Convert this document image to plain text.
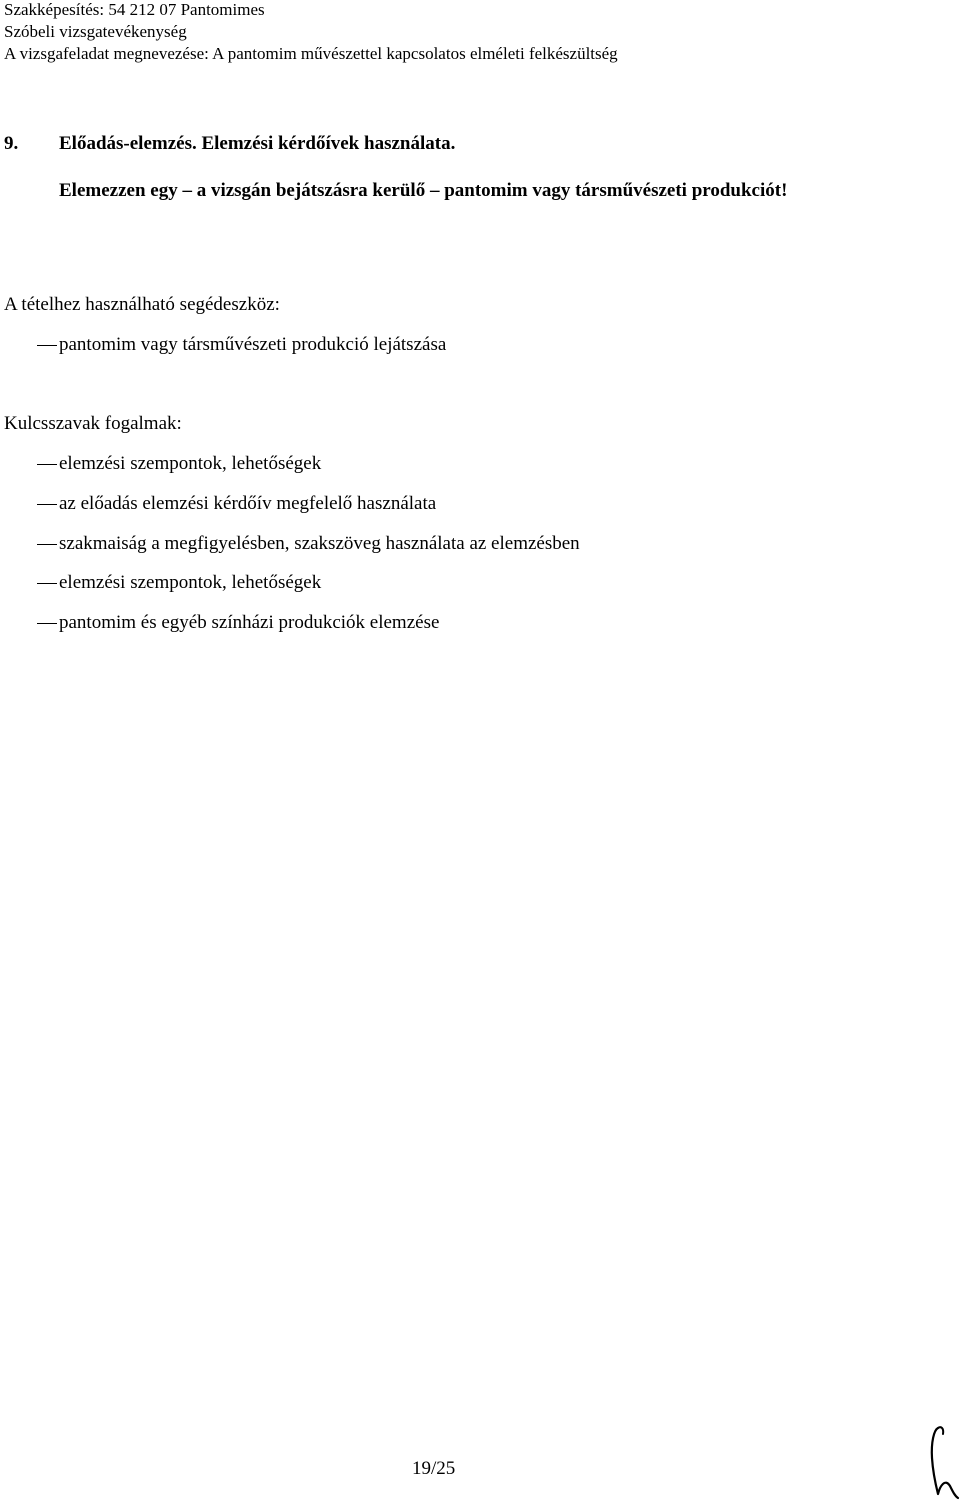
Szakképesítés: 54 212 07 Pantomimes
Szóbeli vizsgatevékenység
A vizsgafeladat megnevezése: A pantomim művészettel kapcsolatos elméleti felkészültség
9. Előadás-elemzés. Elemzési kérdőívek használata.
Elemezzen egy – a vizsgán bejátszásra kerülő – pantomim vagy társművészeti produkciót!
A tételhez használható segédeszköz:
pantomim vagy társművészeti produkció lejátszása
Kulcsszavak fogalmak:
elemzési szempontok, lehetőségek
az előadás elemzési kérdőív megfelelő használata
szakmaiság a megfigyelésben, szakszöveg használata az elemzésben
elemzési szempontok, lehetőségek
pantomim és egyéb színházi produkciók elemzése
19/25
